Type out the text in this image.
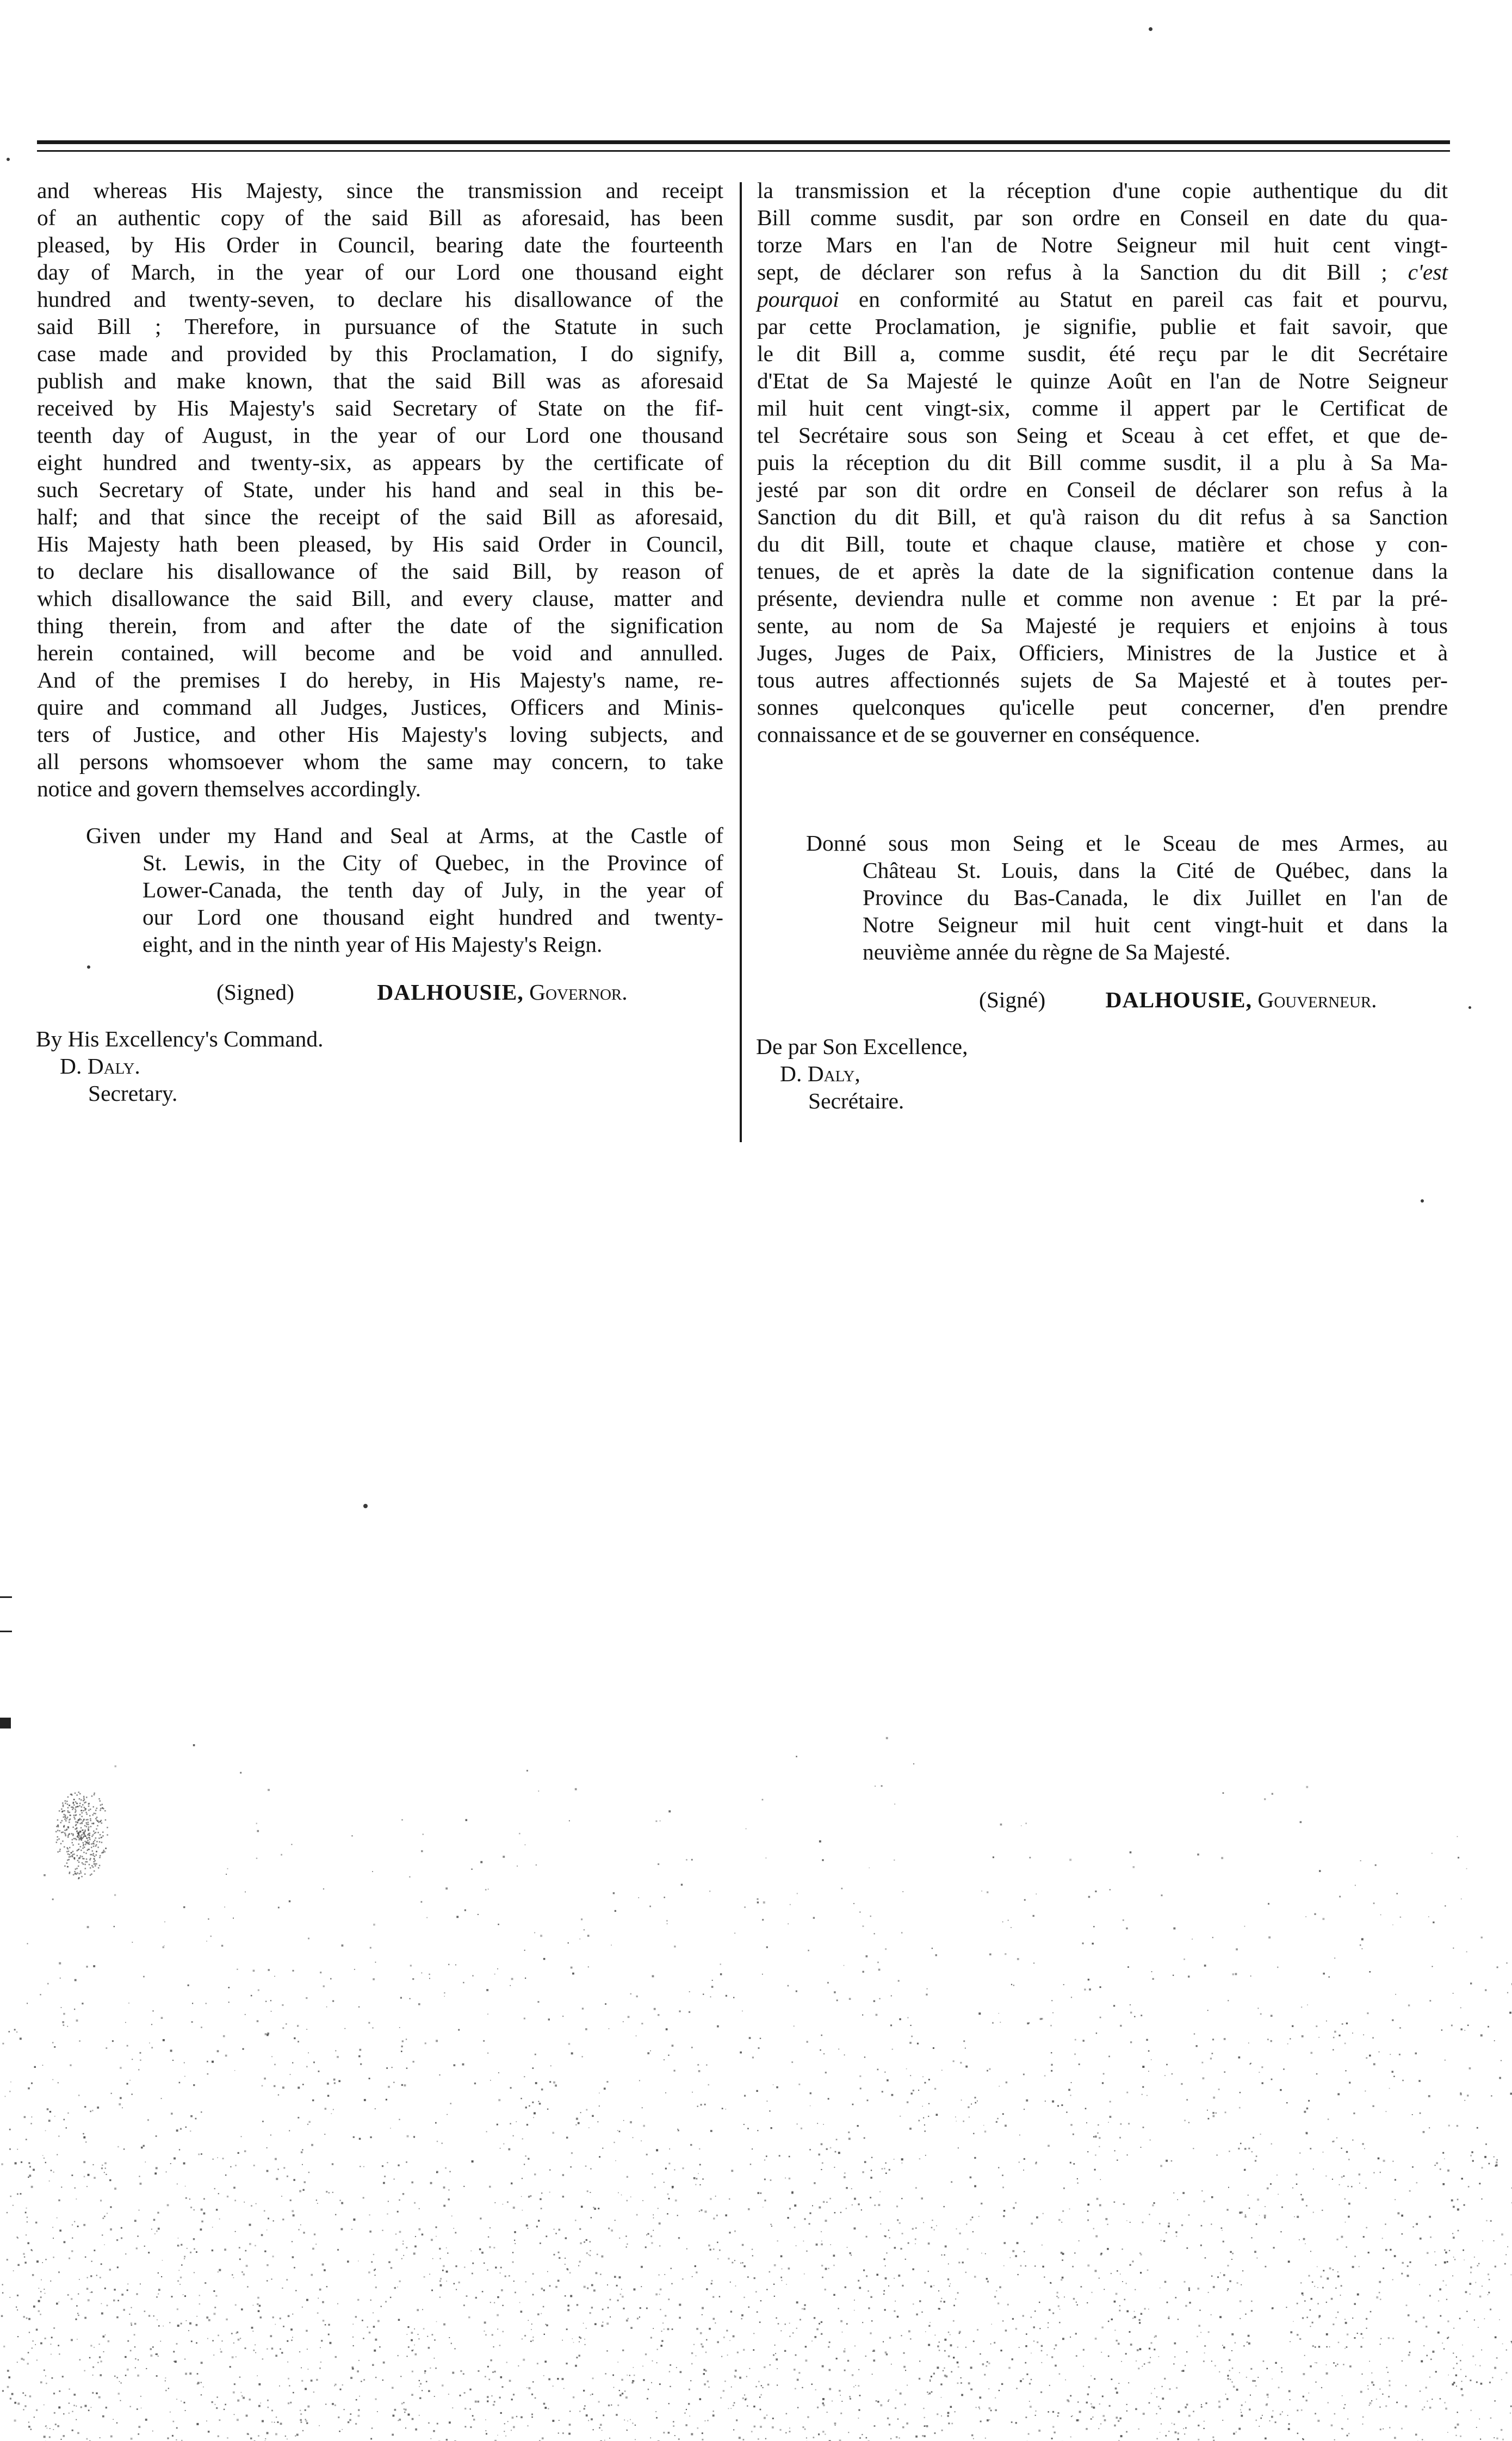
and whereas His Majesty, since the transmission and receipt
of an authentic copy of the said Bill as aforesaid, has been
pleased, by His Order in Council, bearing date the fourteenth
day of March, in the year of our Lord one thousand eight
hundred and twenty-seven, to declare his disallowance of the
said Bill ; Therefore, in pursuance of the Statute in such
case made and provided by this Proclamation, I do signify,
publish and make known, that the said Bill was as aforesaid
received by His Majesty's said Secretary of State on the fif-
teenth day of August, in the year of our Lord one thousand
eight hundred and twenty-six, as appears by the certificate of
such Secretary of State, under his hand and seal in this be-
half; and that since the receipt of the said Bill as aforesaid,
His Majesty hath been pleased, by His said Order in Council,
to declare his disallowance of the said Bill, by reason of
which disallowance the said Bill, and every clause, matter and
thing therein, from and after the date of the signification
herein contained, will become and be void and annulled.
And of the premises I do hereby, in His Majesty's name, re-
quire and command all Judges, Justices, Officers and Minis-
ters of Justice, and other His Majesty's loving subjects, and
all persons whomsoever whom the same may concern, to take
notice and govern themselves accordingly.
Given under my Hand and Seal at Arms, at the Castle of
St. Lewis, in the City of Quebec, in the Province of
Lower-Canada, the tenth day of July, in the year of
our Lord one thousand eight hundred and twenty-
eight, and in the ninth year of His Majesty's Reign.
(Signed)	DALHOUSIE, Governor.
By His Excellency's Command.
D. Daly.
Secretary.
la transmission et la réception d'une copie authentique du dit
Bill comme susdit, par son ordre en Conseil en date du qua-
torze Mars en l'an de Notre Seigneur mil huit cent vingt-
sept, de déclarer son refus à la Sanction du dit Bill ; c'est
pourquoi en conformité au Statut en pareil cas fait et pourvu,
par cette Proclamation, je signifie, publie et fait savoir, que
le dit Bill a, comme susdit, été reçu par le dit Secrétaire
d'Etat de Sa Majesté le quinze Août en l'an de Notre Seigneur
mil huit cent vingt-six, comme il appert par le Certificat de
tel Secrétaire sous son Seing et Sceau à cet effet, et que de-
puis la réception du dit Bill comme susdit, il a plu à Sa Ma-
jesté par son dit ordre en Conseil de déclarer son refus à la
Sanction du dit Bill, et qu'à raison du dit refus à sa Sanction
du dit Bill, toute et chaque clause, matière et chose y con-
tenues, de et après la date de la signification contenue dans la
présente, deviendra nulle et comme non avenue : Et par la pré-
sente, au nom de Sa Majesté je requiers et enjoins à tous
Juges, Juges de Paix, Officiers, Ministres de la Justice et à
tous autres affectionnés sujets de Sa Majesté et à toutes per-
sonnes quelconques qu'icelle peut concerner, d'en prendre
connaissance et de se gouverner en conséquence.
Donné sous mon Seing et le Sceau de mes Armes, au
Château St. Louis, dans la Cité de Québec, dans la
Province du Bas-Canada, le dix Juillet en l'an de
Notre Seigneur mil huit cent vingt-huit et dans la
neuvième année du règne de Sa Majesté.
(Signé)	DALHOUSIE, Gouverneur.
De par Son Excellence,
D. Daly,
Secrétaire.
